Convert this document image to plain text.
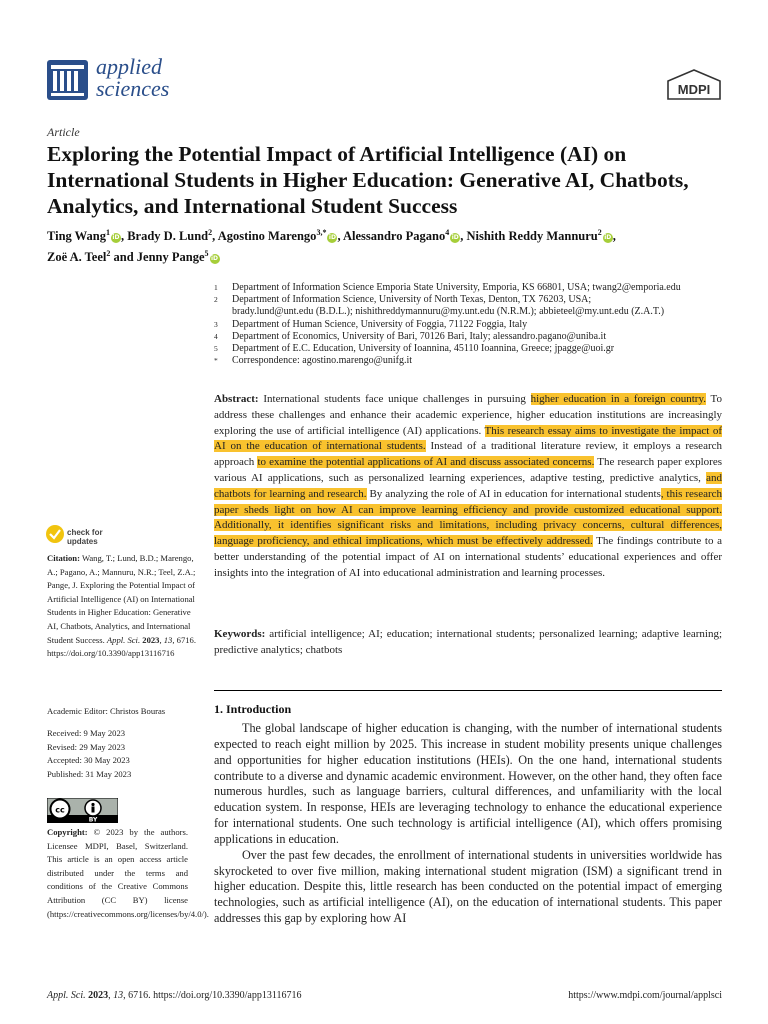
applied
sciences	MDPI
Article
Exploring the Potential Impact of Artificial Intelligence (AI) on International Students in Higher Education: Generative AI, Chatbots, Analytics, and International Student Success
Ting Wang$^1$iD, Brady D. Lund$^2$, Agostino Marengo$^{3,*}$iD, Alessandro Pagano$^4$iD, Nishith Reddy Mannuru$^2$iD,
Zoë A. Teel$^2$ and Jenny Pange$^5$iD
1	Department of Information Science Emporia State University, Emporia, KS 66801, USA; twang2@emporia.edu
2	Department of Information Science, University of North Texas, Denton, TX 76203, USA;
brady.lund@unt.edu (B.D.L.); nishithreddymannuru@my.unt.edu (N.R.M.); abbieteel@my.unt.edu (Z.A.T.)
3	Department of Human Science, University of Foggia, 71122 Foggia, Italy
4	Department of Economics, University of Bari, 70126 Bari, Italy; alessandro.pagano@uniba.it
5	Department of E.C. Education, University of Ioannina, 45110 Ioannina, Greece; jpagge@uoi.gr
*	Correspondence: agostino.marengo@unifg.it
Abstract: International students face unique challenges in pursuing higher education in a foreign country. To address these challenges and enhance their academic experience, higher education institutions are increasingly exploring the use of artificial intelligence (AI) applications. This research essay aims to investigate the impact of AI on the education of international students. Instead of a traditional literature review, it employs a research approach to examine the potential applications of AI and discuss associated concerns. The research paper explores various AI applications, such as personalized learning experiences, adaptive testing, predictive analytics, and chatbots for learning and research. By analyzing the role of AI in education for international students, this research paper sheds light on how AI can improve learning efficiency and provide customized educational support. Additionally, it identifies significant risks and limitations, including privacy concerns, cultural differences, language proficiency, and ethical implications, which must be effectively addressed. The findings contribute to a better understanding of the potential impact of AI on international students’ educational experiences and offer insights into the integration of AI into educational administration and learning processes.
Keywords: artificial intelligence; AI; education; international students; personalized learning; adaptive learning; predictive analytics; chatbots
check for
updates
Citation: Wang, T.; Lund, B.D.; Marengo, A.; Pagano, A.; Mannuru, N.R.; Teel, Z.A.; Pange, J. Exploring the Potential Impact of Artificial Intelligence (AI) on International Students in Higher Education: Generative AI, Chatbots, Analytics, and International Student Success. Appl. Sci. 2023, 13, 6716. https://doi.org/10.3390/app13116716
Academic Editor: Christos Bouras
Received: 9 May 2023
Revised: 29 May 2023
Accepted: 30 May 2023
Published: 31 May 2023
cc
BY
Copyright: © 2023 by the authors. Licensee MDPI, Basel, Switzerland. This article is an open access article distributed under the terms and conditions of the Creative Commons Attribution (CC BY) license (https://creativecommons.org/licenses/by/4.0/).
1. Introduction

The global landscape of higher education is changing, with the number of international students expected to reach eight million by 2025. This increase in student mobility presents unique challenges and opportunities for higher education institutions (HEIs). On the one hand, international students contribute to a diverse and dynamic academic environment. However, on the other hand, they often face numerous hurdles, such as language barriers, cultural differences, and unfamiliarity with the local education system. In response, HEIs are leveraging technology to enhance the educational experience for international students. One such technology is artificial intelligence (AI), which offers promising applications in education.

Over the past few decades, the enrollment of international students in universities worldwide has skyrocketed to over five million, making international student migration (ISM) a significant trend in higher education. Despite this, little research has been conducted on the potential impact of emerging technologies, such as artificial intelligence (AI), on the education of international students. This paper addresses this gap by exploring how AI

Appl. Sci. 2023, 13, 6716. https://doi.org/10.3390/app13116716	https://www.mdpi.com/journal/applsci
